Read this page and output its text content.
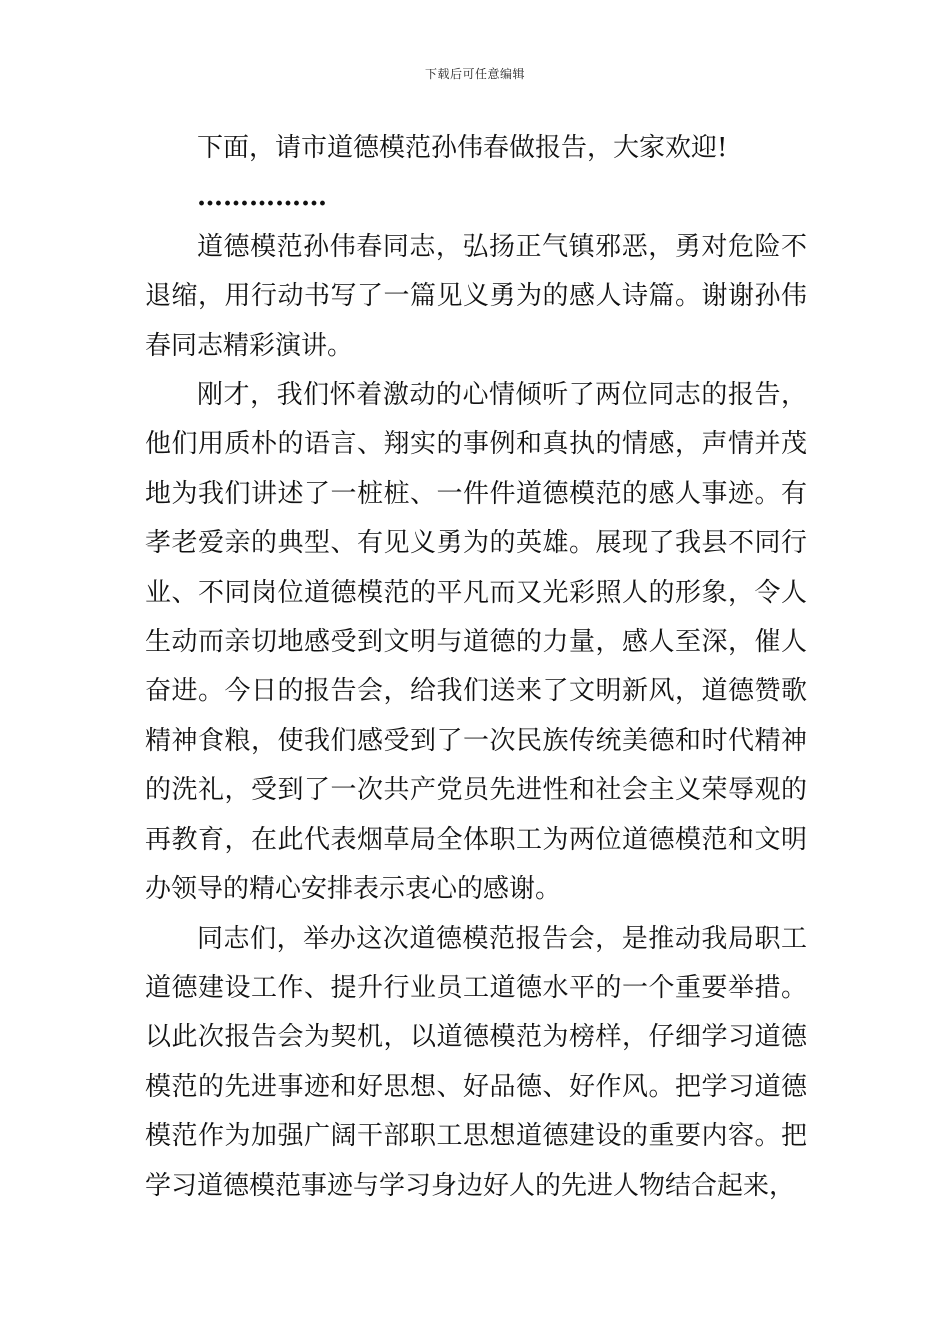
下载后可任意编辑

下面，请市道德模范孙伟春做报告，大家欢迎!

……………

道德模范孙伟春同志，弘扬正气镇邪恶，勇对危险不退缩，用行动书写了一篇见义勇为的感人诗篇。谢谢孙伟春同志精彩演讲。

刚才，我们怀着激动的心情倾听了两位同志的报告，他们用质朴的语言、翔实的事例和真执的情感，声情并茂地为我们讲述了一桩桩、一件件道德模范的感人事迹。有孝老爱亲的典型、有见义勇为的英雄。展现了我县不同行业、不同岗位道德模范的平凡而又光彩照人的形象，令人生动而亲切地感受到文明与道德的力量，感人至深，催人奋进。今日的报告会，给我们送来了文明新风，道德赞歌精神食粮，使我们感受到了一次民族传统美德和时代精神的洗礼，受到了一次共产党员先进性和社会主义荣辱观的再教育，在此代表烟草局全体职工为两位道德模范和文明办领导的精心安排表示衷心的感谢。

同志们，举办这次道德模范报告会，是推动我局职工道德建设工作、提升行业员工道德水平的一个重要举措。以此次报告会为契机，以道德模范为榜样，仔细学习道德模范的先进事迹和好思想、好品德、好作风。把学习道德模范作为加强广阔干部职工思想道德建设的重要内容。把学习道德模范事迹与学习身边好人的先进人物结合起来，
